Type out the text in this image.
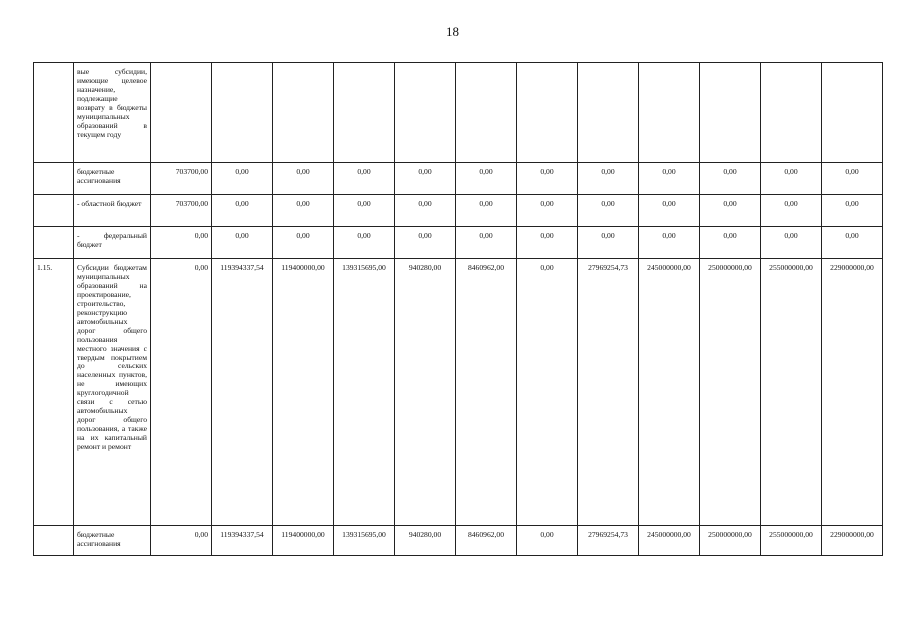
18
	вые субсидии, имеющие целевое назначение, подлежащие возврату в бюджеты муниципальных образований в текущем году												
	бюджетные ассигнования	703700,00	0,00	0,00	0,00	0,00	0,00	0,00	0,00	0,00	0,00	0,00	0,00
	- областной бюджет	703700,00	0,00	0,00	0,00	0,00	0,00	0,00	0,00	0,00	0,00	0,00	0,00
	- федеральный бюджет	0,00	0,00	0,00	0,00	0,00	0,00	0,00	0,00	0,00	0,00	0,00	0,00
1.15.	Субсидии бюджетам муниципальных образований на проектирование, строительство, реконструкцию автомобильных дорог общего пользования местного значения с твердым покрытием до сельских населенных пунктов, не имеющих круглогодичной связи с сетью автомобильных дорог общего пользования, а также на их капитальный ремонт и ремонт	0,00	119394337,54	119400000,00	139315695,00	940280,00	8460962,00	0,00	27969254,73	245000000,00	250000000,00	255000000,00	229000000,00
	бюджетные ассигнования	0,00	119394337,54	119400000,00	139315695,00	940280,00	8460962,00	0,00	27969254,73	245000000,00	250000000,00	255000000,00	229000000,00
